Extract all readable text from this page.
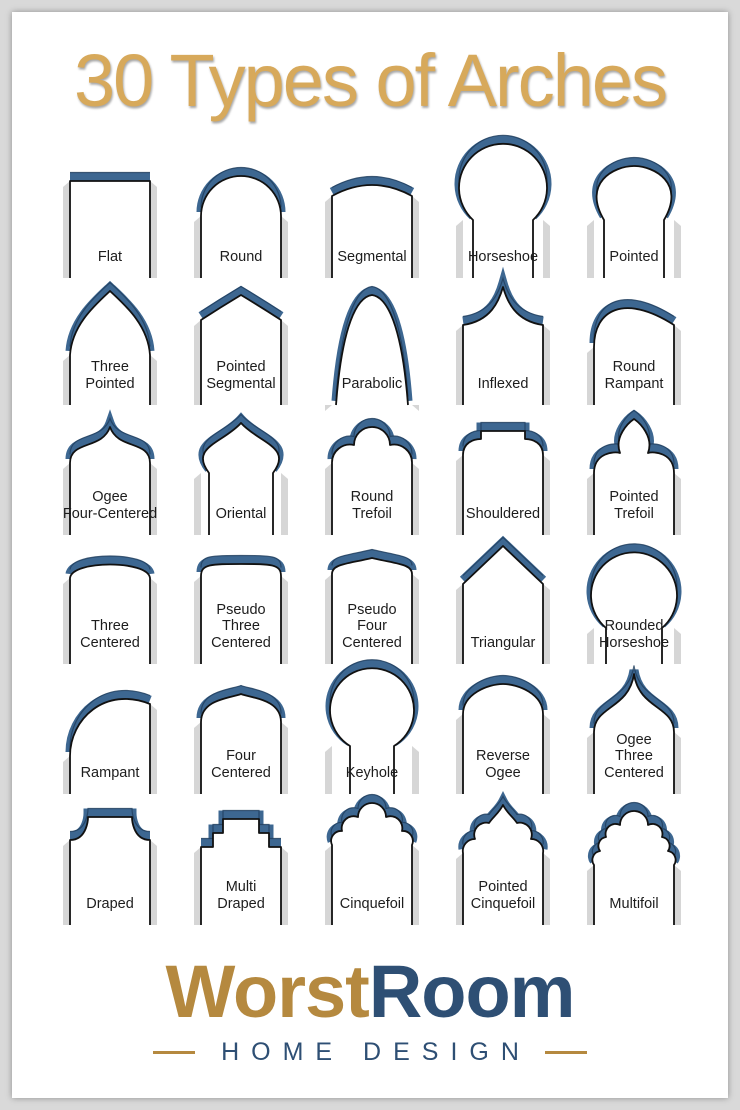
30 Types of Arches
Flat	Round	Segmental	Horseshoe	Pointed
Three
Pointed
Pointed
Segmental	Parabolic	Inflexed
Round
Rampant
Ogee
Four-Centered	Oriental
Round
Trefoil	Shouldered
Pointed
Trefoil
Three
Centered
Pseudo
Three
Centered
Pseudo
Four
Centered	Triangular
Rounded
Horseshoe
Rampant
Four
Centered	Keyhole
Reverse
Ogee
Ogee
Three
Centered
Draped
Multi
Draped	Cinquefoil
Pointed
Cinquefoil	Multifoil
WorstRoom
HOME DESIGN
